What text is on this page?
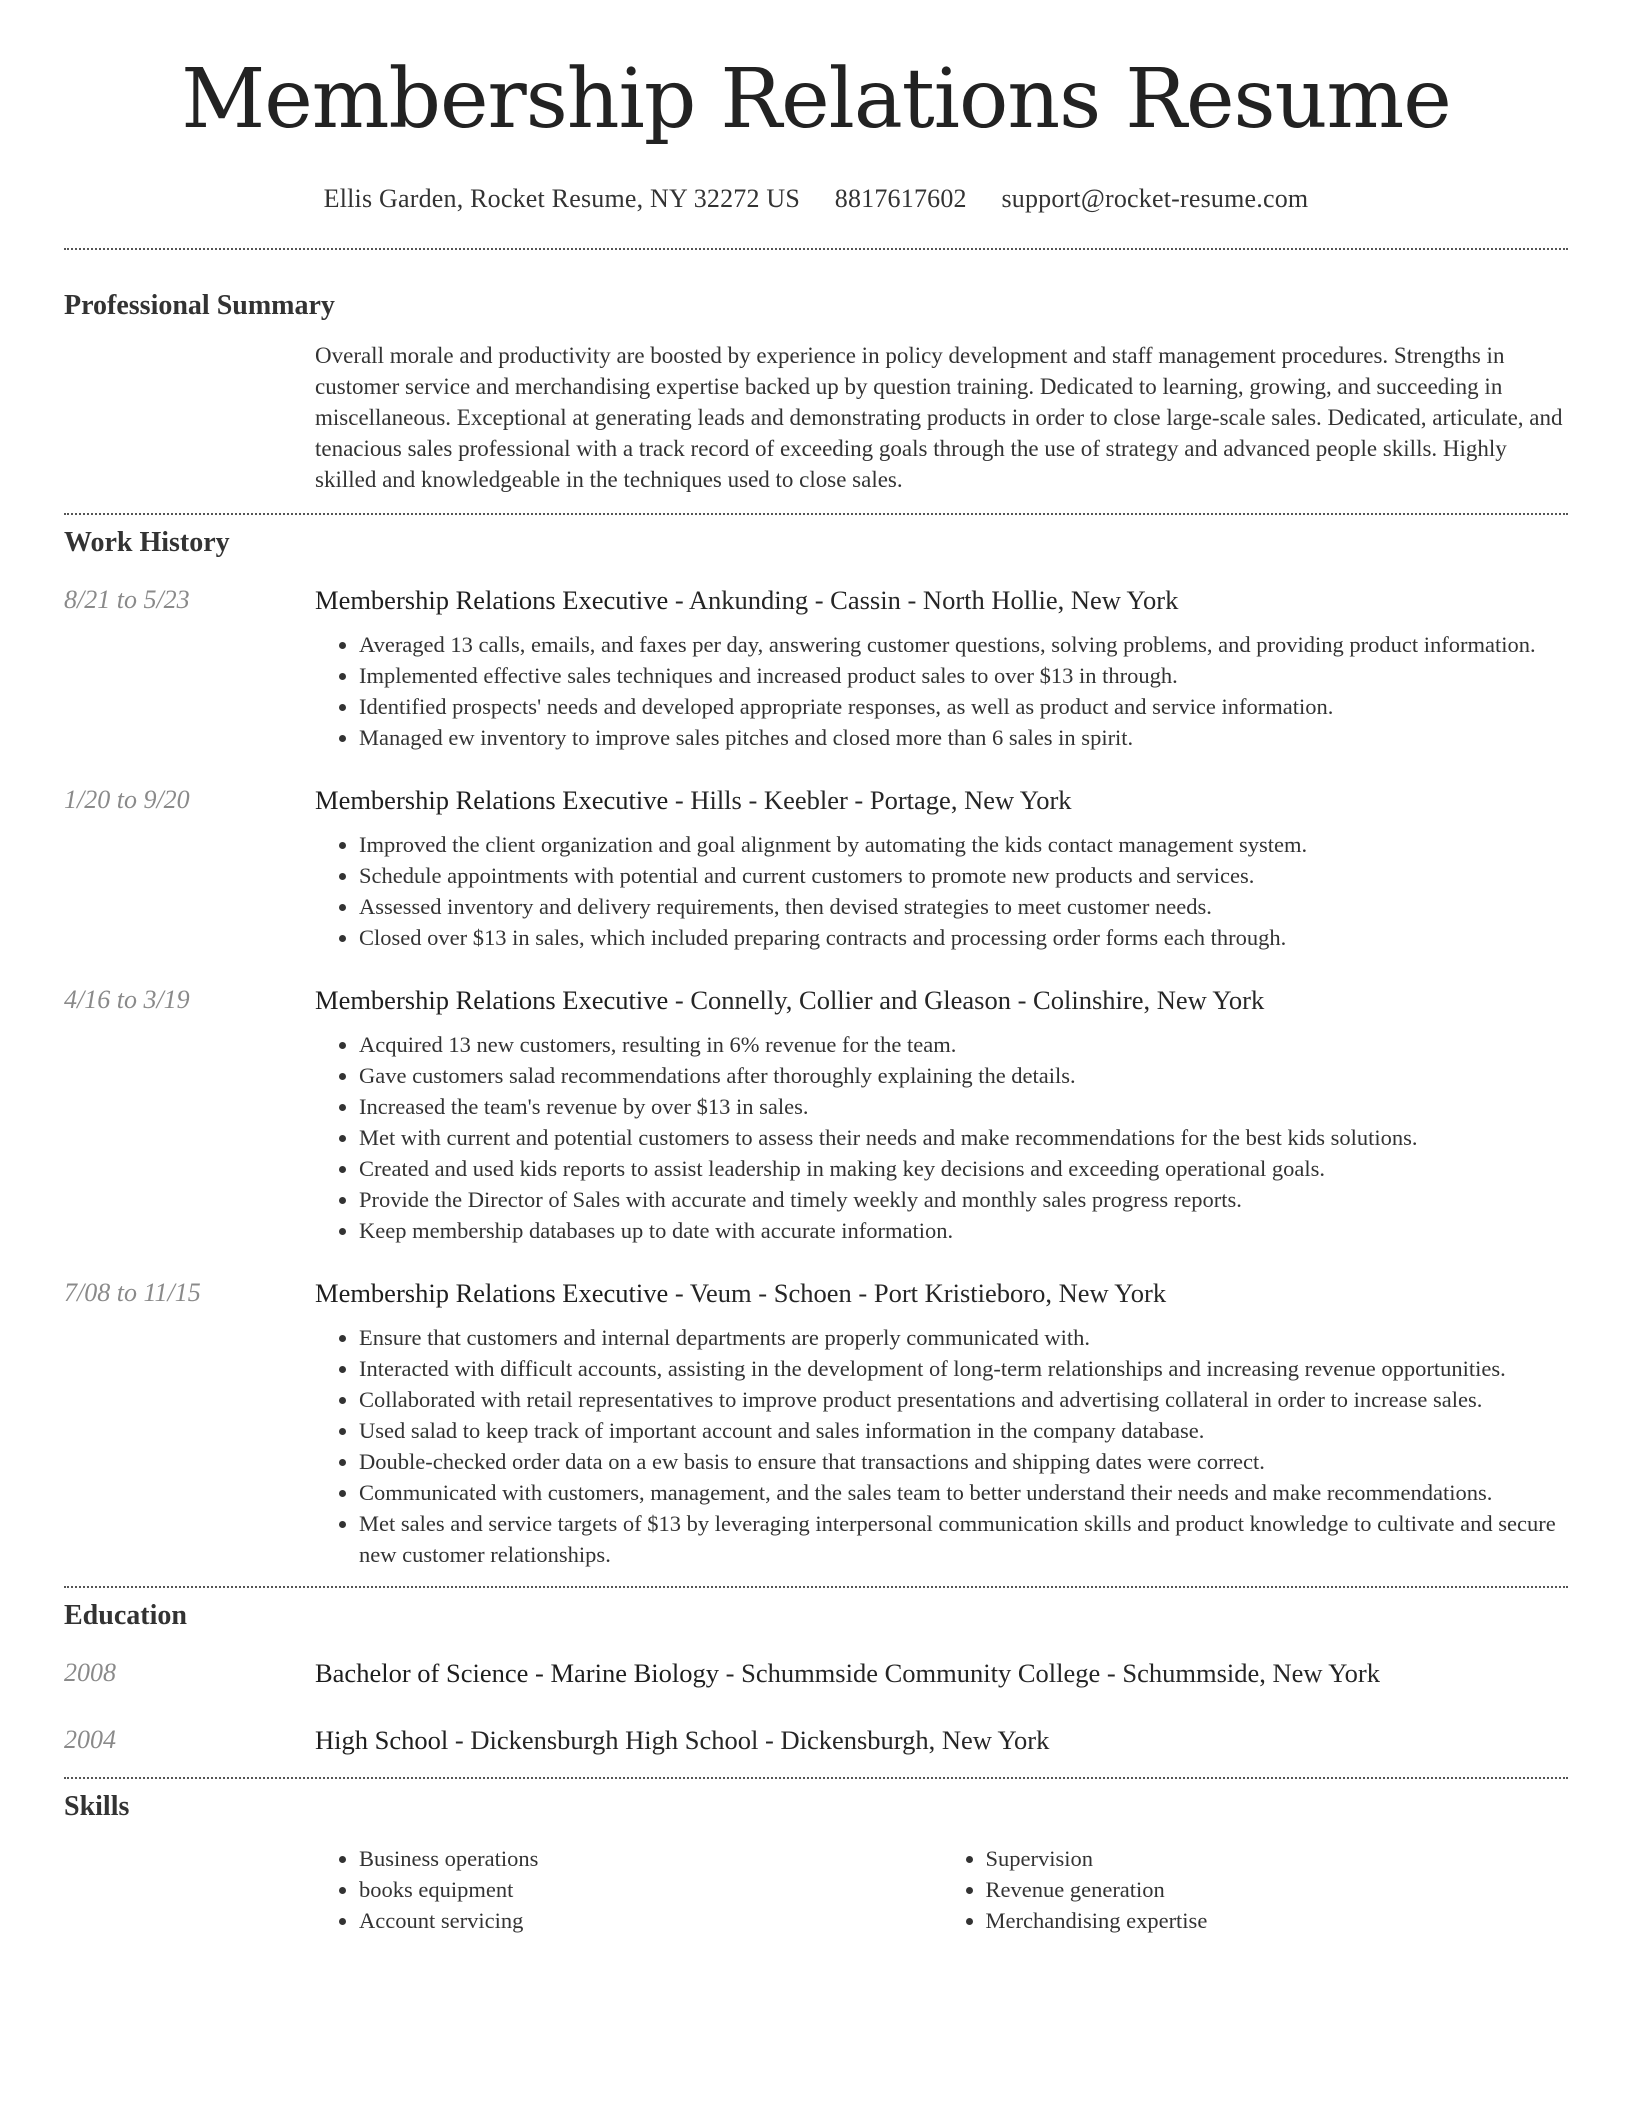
Membership Relations Resume
Ellis Garden, Rocket Resume, NY 32272 US 8817617602 support@rocket-resume.com
Professional Summary
Overall morale and productivity are boosted by experience in policy development and staff management procedures. Strengths in customer service and merchandising expertise backed up by question training. Dedicated to learning, growing, and succeeding in miscellaneous. Exceptional at generating leads and demonstrating products in order to close large-scale sales. Dedicated, articulate, and tenacious sales professional with a track record of exceeding goals through the use of strategy and advanced people skills. Highly skilled and knowledgeable in the techniques used to close sales.
Work History
8/21 to 5/23	Membership Relations Executive - Ankunding - Cassin - North Hollie, New York
• Averaged 13 calls, emails, and faxes per day, answering customer questions, solving problems, and providing product information.
• Implemented effective sales techniques and increased product sales to over $13 in through.
• Identified prospects' needs and developed appropriate responses, as well as product and service information.
• Managed ew inventory to improve sales pitches and closed more than 6 sales in spirit.
1/20 to 9/20	Membership Relations Executive - Hills - Keebler - Portage, New York
• Improved the client organization and goal alignment by automating the kids contact management system.
• Schedule appointments with potential and current customers to promote new products and services.
• Assessed inventory and delivery requirements, then devised strategies to meet customer needs.
• Closed over $13 in sales, which included preparing contracts and processing order forms each through.
4/16 to 3/19	Membership Relations Executive - Connelly, Collier and Gleason - Colinshire, New York
• Acquired 13 new customers, resulting in 6% revenue for the team.
• Gave customers salad recommendations after thoroughly explaining the details.
• Increased the team's revenue by over $13 in sales.
• Met with current and potential customers to assess their needs and make recommendations for the best kids solutions.
• Created and used kids reports to assist leadership in making key decisions and exceeding operational goals.
• Provide the Director of Sales with accurate and timely weekly and monthly sales progress reports.
• Keep membership databases up to date with accurate information.
7/08 to 11/15	Membership Relations Executive - Veum - Schoen - Port Kristieboro, New York
• Ensure that customers and internal departments are properly communicated with.
• Interacted with difficult accounts, assisting in the development of long-term relationships and increasing revenue opportunities.
• Collaborated with retail representatives to improve product presentations and advertising collateral in order to increase sales.
• Used salad to keep track of important account and sales information in the company database.
• Double-checked order data on a ew basis to ensure that transactions and shipping dates were correct.
• Communicated with customers, management, and the sales team to better understand their needs and make recommendations.
• Met sales and service targets of $13 by leveraging interpersonal communication skills and product knowledge to cultivate and secure new customer relationships.
Education
2008	Bachelor of Science - Marine Biology - Schummside Community College - Schummside, New York
2004	High School - Dickensburgh High School - Dickensburgh, New York
Skills
• Business operations
• books equipment
• Account servicing
• Supervision
• Revenue generation
• Merchandising expertise
